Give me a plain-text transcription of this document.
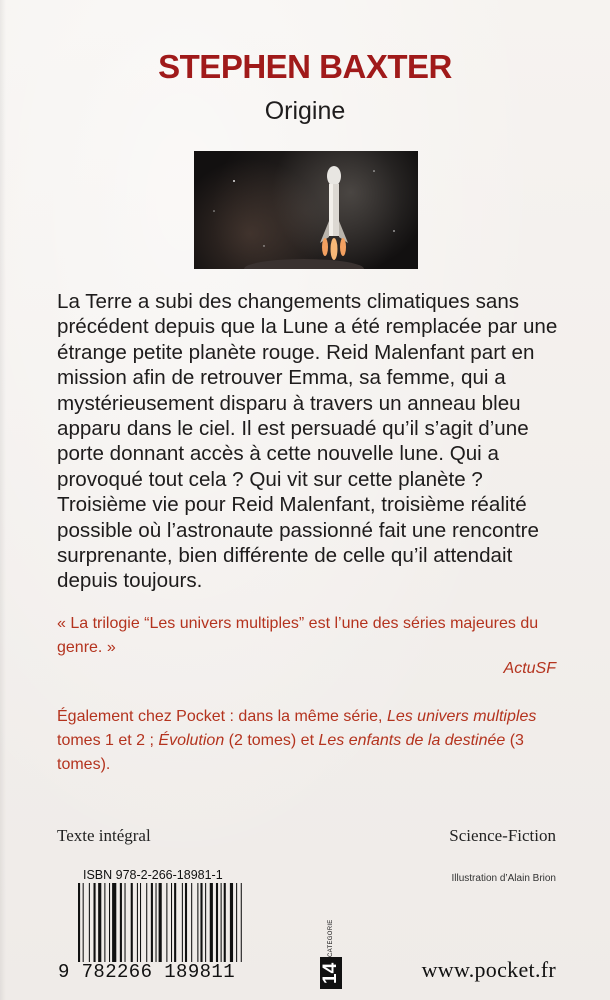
STEPHEN BAXTER
Origine

La Terre a subi des changements climatiques sans précédent depuis que la Lune a été remplacée par une étrange petite planète rouge. Reid Malenfant part en mission afin de retrouver Emma, sa femme, qui a mystérieusement disparu à travers un anneau bleu apparu dans le ciel. Il est persuadé qu’il s’agit d’une porte donnant accès à cette nouvelle lune. Qui a provoqué tout cela ? Qui vit sur cette planète ? Troisième vie pour Reid Malenfant, troisième réalité possible où l’astronaute passionné fait une rencontre surprenante, bien différente de celle qu’il attendait depuis toujours.

« La trilogie “Les univers multiples” est l’une des séries majeures du genre. »

ActuSF

Également chez Pocket : dans la même série, Les univers multiples tomes 1 et 2 ; Évolution (2 tomes) et Les enfants de la destinée (3 tomes).

Texte intégral	Science-Fiction
ISBN 978-2-266-18981-1	Illustration d’Alain Brion
9 782266 189811
CATÉGORIE
14	www.pocket.fr
